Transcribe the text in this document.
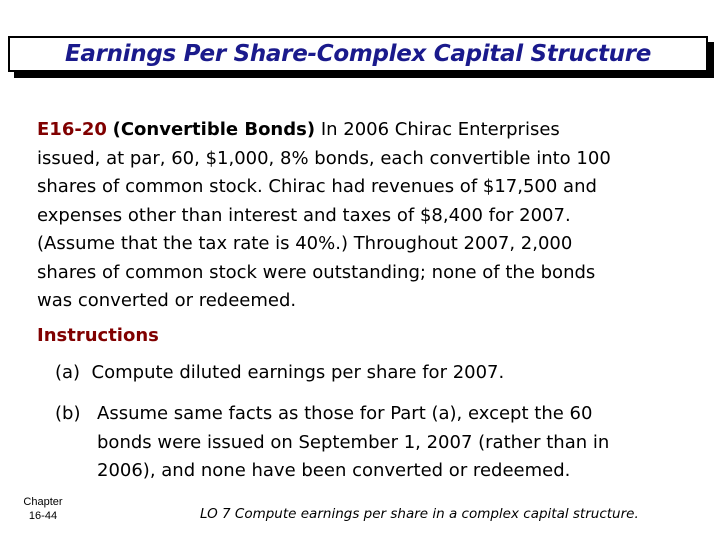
Earnings Per Share-Complex Capital Structure
E16-20 (Convertible Bonds) In 2006 Chirac Enterprises
issued, at par, 60, $1,000, 8% bonds, each convertible into 100
shares of common stock. Chirac had revenues of $17,500 and
expenses other than interest and taxes of $8,400 for 2007.
(Assume that the tax rate is 40%.) Throughout 2007, 2,000
shares of common stock were outstanding; none of the bonds
was converted or redeemed.
Instructions
(a) Compute diluted earnings per share for 2007.
(b) Assume same facts as those for Part (a), except the 60
bonds were issued on September 1, 2007 (rather than in
2006), and none have been converted or redeemed.
Chapter
16-44	LO 7 Compute earnings per share in a complex capital structure.
